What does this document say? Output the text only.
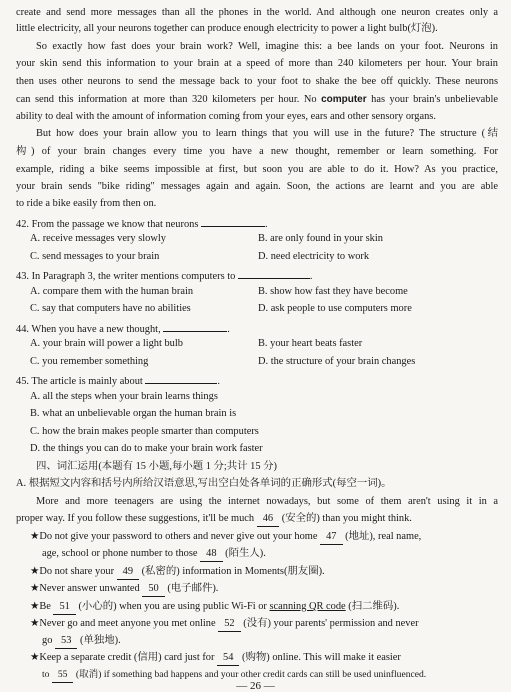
create and send more messages than all the phones in the world. And although one neuron creates only a
little electricity, all your neurons together can produce enough electricity to power a light bulb(灯泡).
So exactly how fast does your brain work? Well, imagine this: a bee lands on your foot. Neurons in
your skin send this information to your brain at a speed of more than 240 kilometers per hour. Your brain
then uses other neurons to send the message back to your foot to shake the bee off quickly. These neurons
can send this information at more than 320 kilometers per hour. No computer has your brain's unbelievable
ability to deal with the amount of information coming from your eyes, ears and other sensory organs.
But how does your brain allow you to learn things that you will use in the future? The structure (结
构) of your brain changes every time you have a new thought, remember or learn something. For
example, riding a bike seems impossible at first, but soon you are able to do it. How? As you practice,
your brain sends "bike riding" messages again and again. Soon, the actions are learnt and you are able
to ride a bike easily from then on.
42. From the passage we know that neurons	.
A. receive messages very slowly	B. are only found in your skin
C. send messages to your brain	D. need electricity to work
43. In Paragraph 3, the writer mentions computers to	.
A. compare them with the human brain	B. show how fast they have become
C. say that computers have no abilities	D. ask people to use computers more
44. When you have a new thought,	.
A. your brain will power a light bulb	B. your heart beats faster
C. you remember something	D. the structure of your brain changes
45. The article is mainly about	.
A. all the steps when your brain learns things
B. what an unbelievable organ the human brain is
C. how the brain makes people smarter than computers
D. the things you can do to make your brain work faster
四、词汇运用(本题有 15 小题,每小题 1 分;共计 15 分)
A. 根据短文内容和括号内所给汉语意思,写出空白处各单词的正确形式(每空一词)。
More and more teenagers are using the internet nowadays, but some of them aren't using it in a
proper way. If you follow these suggestions, it'll be much 46 (安全的) than you might think.
★Do not give your password to others and never give out your home 47 (地址), real name,
age, school or phone number to those 48 (陌生人).
★Do not share your 49 (私密的) information in Moments(朋友圈).
★Never answer unwanted 50 (电子邮件).
★Be 51 (小心的) when you are using public Wi-Fi or scanning QR code (扫二维码).
★Never go and meet anyone you met online 52 (没有) your parents' permission and never
go 53 (单独地).
★Keep a separate credit (信用) card just for 54 (购物) online. This will make it easier
to 55 (取消) if something bad happens and your other credit cards can still be used uninfluenced.
— 26 —
